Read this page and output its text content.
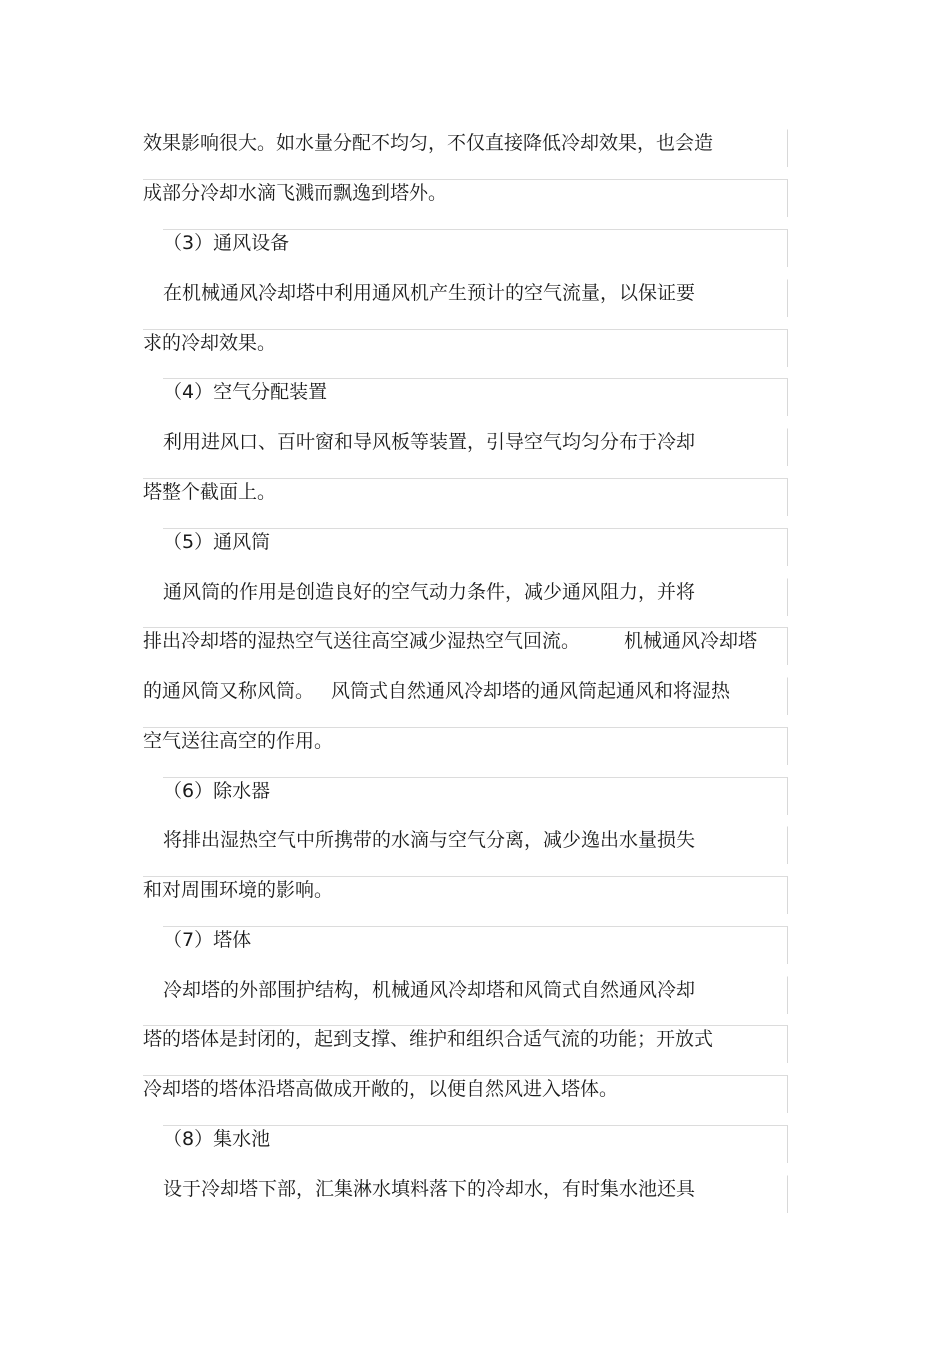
效果影响很大。如水量分配不均匀，不仅直接降低冷却效果，也会造
成部分冷却水滴飞溅而飘逸到塔外。
（3）通风设备
在机械通风冷却塔中利用通风机产生预计的空气流量，以保证要
求的冷却效果。
（4）空气分配装置
利用进风口、百叶窗和导风板等装置，引导空气均匀分布于冷却
塔整个截面上。
（5）通风筒
通风筒的作用是创造良好的空气动力条件，减少通风阻力，并将
排出冷却塔的湿热空气送往高空减少湿热空气回流。 机械通风冷却塔
的通风筒又称风筒。 风筒式自然通风冷却塔的通风筒起通风和将湿热
空气送往高空的作用。
（6）除水器
将排出湿热空气中所携带的水滴与空气分离，减少逸出水量损失
和对周围环境的影响。
（7）塔体
冷却塔的外部围护结构，机械通风冷却塔和风筒式自然通风冷却
塔的塔体是封闭的，起到支撑、维护和组织合适气流的功能；开放式
冷却塔的塔体沿塔高做成开敞的，以便自然风进入塔体。
（8）集水池
设于冷却塔下部，汇集淋水填料落下的冷却水，有时集水池还具
